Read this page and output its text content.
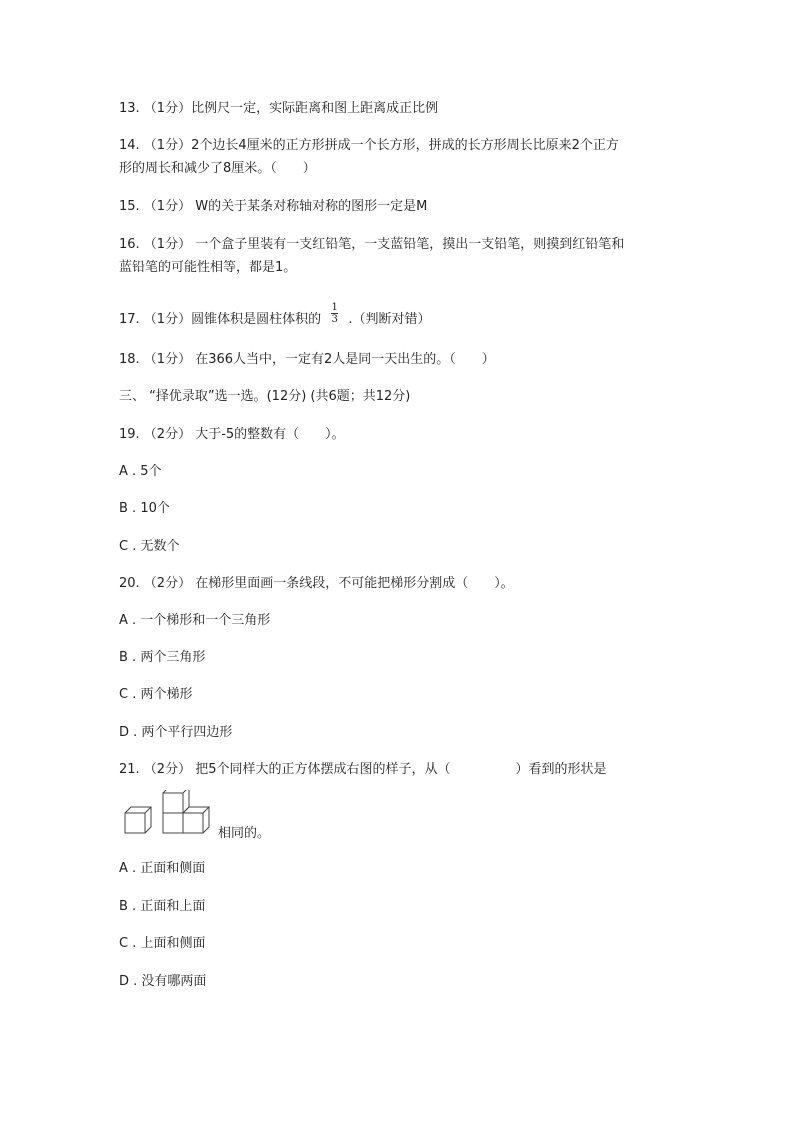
13. （1分）比例尺一定，实际距离和图上距离成正比例
14. （1分）2个边长4厘米的正方形拼成一个长方形，拼成的长方形周长比原来2个正方
形的周长和减少了8厘米。（　　）
15. （1分） W的关于某条对称轴对称的图形一定是M
16. （1分） 一个盒子里装有一支红铅笔，一支蓝铅笔，摸出一支铅笔，则摸到红铅笔和
蓝铅笔的可能性相等，都是1。
17. （1分）圆锥体积是圆柱体积的 $\frac{1}{3}$ .（判断对错）
18. （1分） 在366人当中，一定有2人是同一天出生的。（　　）
三、 “择优录取”选一选。(12分) (共6题；共12分)
19. （2分） 大于-5的整数有（　　）。
A . 5个
B . 10个
C . 无数个
20. （2分） 在梯形里面画一条线段，不可能把梯形分割成（　　）。
A . 一个梯形和一个三角形
B . 两个三角形
C . 两个梯形
D . 两个平行四边形
21. （2分） 把5个同样大的正方体摆成右图的样子，从（　　　　　）看到的形状是
相同的。
A . 正面和侧面
B . 正面和上面
C . 上面和侧面
D . 没有哪两面
